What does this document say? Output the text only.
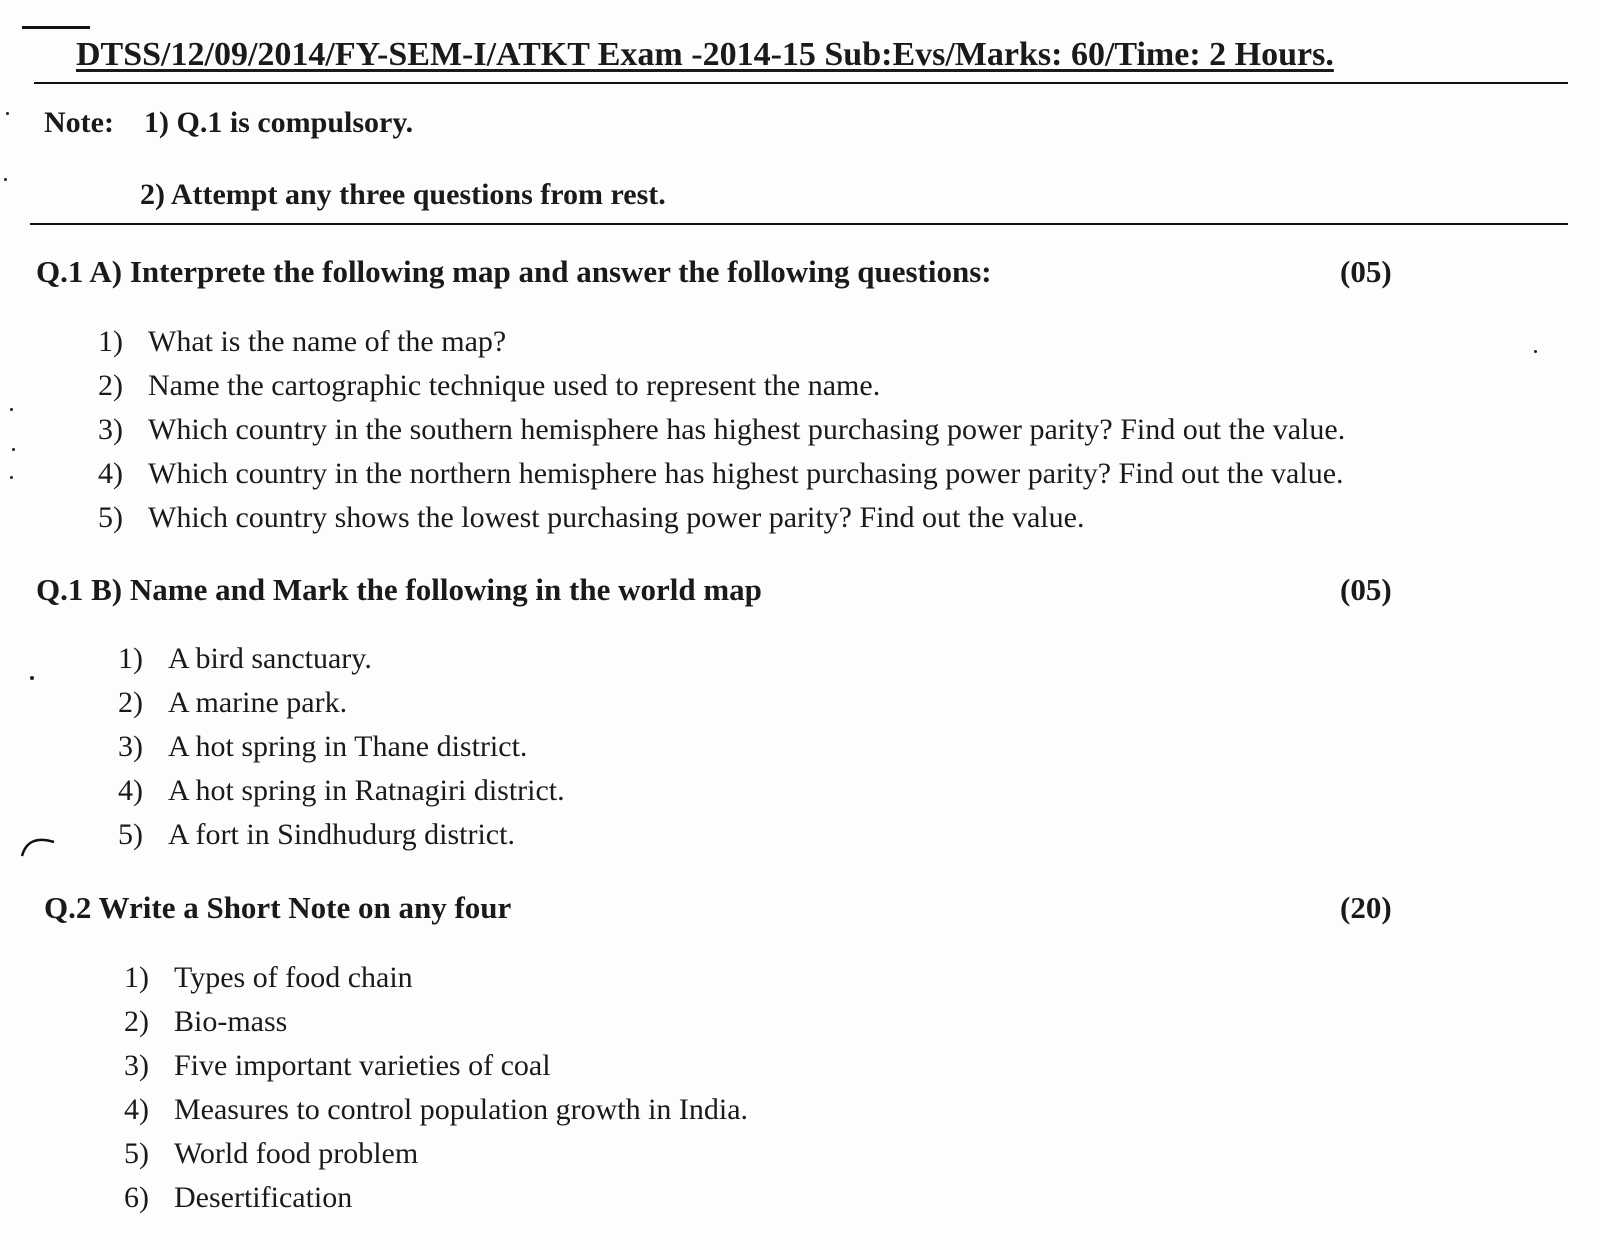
DTSS/12/09/2014/FY-SEM-I/ATKT Exam -2014-15 Sub:Evs/Marks: 60/Time: 2 Hours.
Note: 1) Q.1 is compulsory.
2) Attempt any three questions from rest.
Q.1 A) Interprete the following map and answer the following questions:	(05)
1) What is the name of the map?
2) Name the cartographic technique used to represent the name.
3) Which country in the southern hemisphere has highest purchasing power parity? Find out the value.
4) Which country in the northern hemisphere has highest purchasing power parity? Find out the value.
5) Which country shows the lowest purchasing power parity? Find out the value.
Q.1 B) Name and Mark the following in the world map	(05)
1) A bird sanctuary.
2) A marine park.
3) A hot spring in Thane district.
4) A hot spring in Ratnagiri district.
5) A fort in Sindhudurg district.
Q.2 Write a Short Note on any four	(20)
1) Types of food chain
2) Bio-mass
3) Five important varieties of coal
4) Measures to control population growth in India.
5) World food problem
6) Desertification
